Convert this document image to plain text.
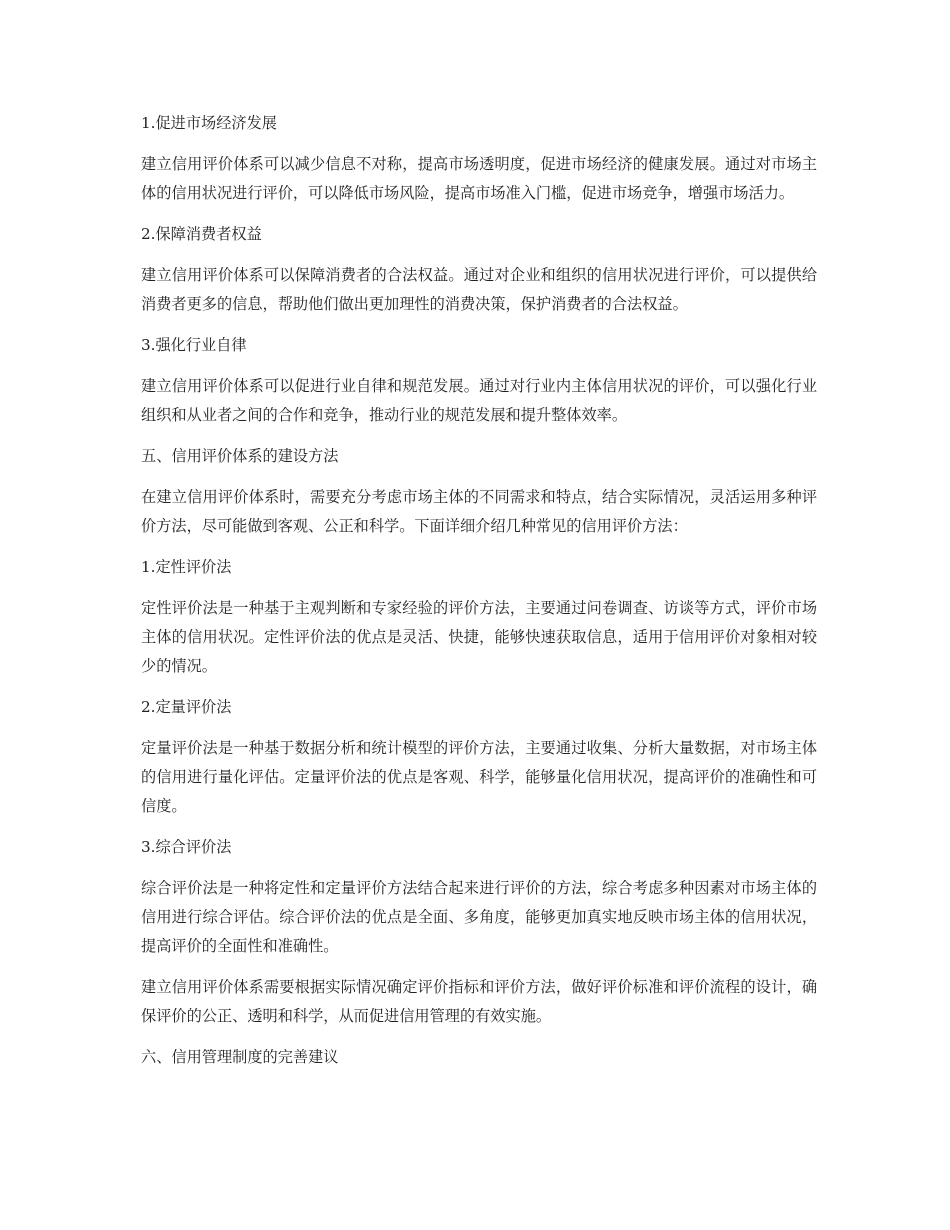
1.促进市场经济发展

建立信用评价体系可以减少信息不对称，提高市场透明度，促进市场经济的健康发展。通过对市场主体的信用状况进行评价，可以降低市场风险，提高市场准入门槛，促进市场竞争，增强市场活力。

2.保障消费者权益

建立信用评价体系可以保障消费者的合法权益。通过对企业和组织的信用状况进行评价，可以提供给消费者更多的信息，帮助他们做出更加理性的消费决策，保护消费者的合法权益。

3.强化行业自律

建立信用评价体系可以促进行业自律和规范发展。通过对行业内主体信用状况的评价，可以强化行业组织和从业者之间的合作和竞争，推动行业的规范发展和提升整体效率。

五、信用评价体系的建设方法

在建立信用评价体系时，需要充分考虑市场主体的不同需求和特点，结合实际情况，灵活运用多种评价方法，尽可能做到客观、公正和科学。下面详细介绍几种常见的信用评价方法：

1.定性评价法

定性评价法是一种基于主观判断和专家经验的评价方法，主要通过问卷调查、访谈等方式，评价市场主体的信用状况。定性评价法的优点是灵活、快捷，能够快速获取信息，适用于信用评价对象相对较少的情况。

2.定量评价法

定量评价法是一种基于数据分析和统计模型的评价方法，主要通过收集、分析大量数据，对市场主体的信用进行量化评估。定量评价法的优点是客观、科学，能够量化信用状况，提高评价的准确性和可信度。

3.综合评价法

综合评价法是一种将定性和定量评价方法结合起来进行评价的方法，综合考虑多种因素对市场主体的信用进行综合评估。综合评价法的优点是全面、多角度，能够更加真实地反映市场主体的信用状况，提高评价的全面性和准确性。

建立信用评价体系需要根据实际情况确定评价指标和评价方法，做好评价标准和评价流程的设计，确保评价的公正、透明和科学，从而促进信用管理的有效实施。

六、信用管理制度的完善建议
